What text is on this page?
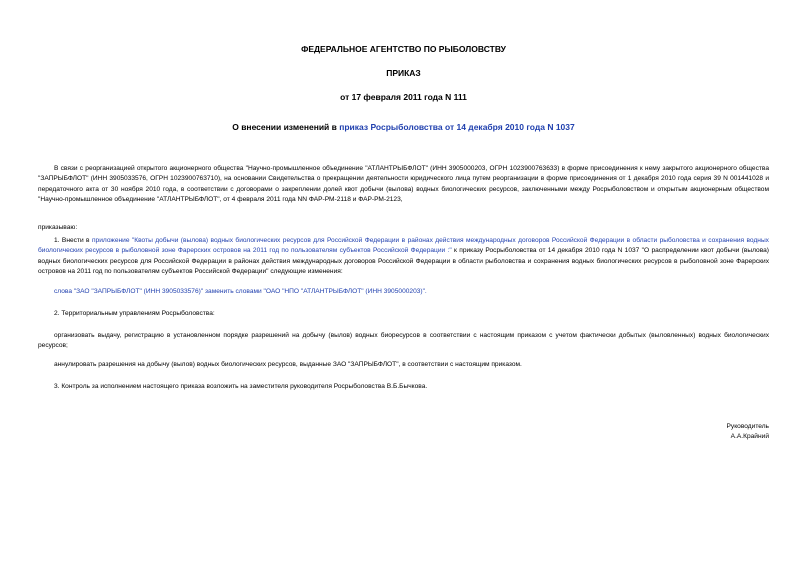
ФЕДЕРАЛЬНОЕ АГЕНТСТВО ПО РЫБОЛОВСТВУ
ПРИКАЗ
от 17 февраля 2011 года N 111
О внесении изменений в приказ Росрыболовства от 14 декабря 2010 года N 1037
В связи с реорганизацией открытого акционерного общества "Научно-промышленное объединение "АТЛАНТРЫБФЛОТ" (ИНН 3905000203, ОГРН 1023900763633) в форме присоединения к нему закрытого акционерного общества "ЗАПРЫБФЛОТ" (ИНН 3905033576, ОГРН 1023900763710), на основании Свидетельства о прекращении деятельности юридического лица путем реорганизации в форме присоединения от 1 декабря 2010 года серия 39 N 001441028 и передаточного акта от 30 ноября 2010 года, в соответствии с договорами о закреплении долей квот добычи (вылова) водных биологических ресурсов, заключенными между Росрыболовством и открытым акционерным обществом "Научно-промышленное объединение "АТЛАНТРЫБФЛОТ", от 4 февраля 2011 года NN ФАР-РМ-2118 и ФАР-РМ-2123,
приказываю:
1. Внести в приложение "Квоты добычи (вылова) водных биологических ресурсов для Российской Федерации в районах действия международных договоров Российской Федерации в области рыболовства и сохранения водных биологических ресурсов в рыболовной зоне Фарерских островов на 2011 год по пользователям субъектов Российской Федерации :" к приказу Росрыболовства от 14 декабря 2010 года N 1037 "О распределении квот добычи (вылова) водных биологических ресурсов для Российской Федерации в районах действия международных договоров Российской Федерации в области рыболовства и сохранения водных биологических ресурсов в рыболовной зоне Фарерских островов на 2011 год по пользователям субъектов Российской Федерации" следующие изменения:
слова "ЗАО "ЗАПРЫБФЛОТ" (ИНН 3905033576)" заменить словами "ОАО "НПО "АТЛАНТРЫБФЛОТ" (ИНН 3905000203)".
2. Территориальным управлениям Росрыболовства:
организовать выдачу, регистрацию в установленном порядке разрешений на добычу (вылов) водных биоресурсов в соответствии с настоящим приказом с учетом фактически добытых (выловленных) водных биологических ресурсов;
аннулировать разрешения на добычу (вылов) водных биологических ресурсов, выданные ЗАО "ЗАПРЫБФЛОТ", в соответствии с настоящим приказом.
3. Контроль за исполнением настоящего приказа возложить на заместителя руководителя Росрыболовства В.Б.Бычкова.
Руководитель
А.А.Крайний
